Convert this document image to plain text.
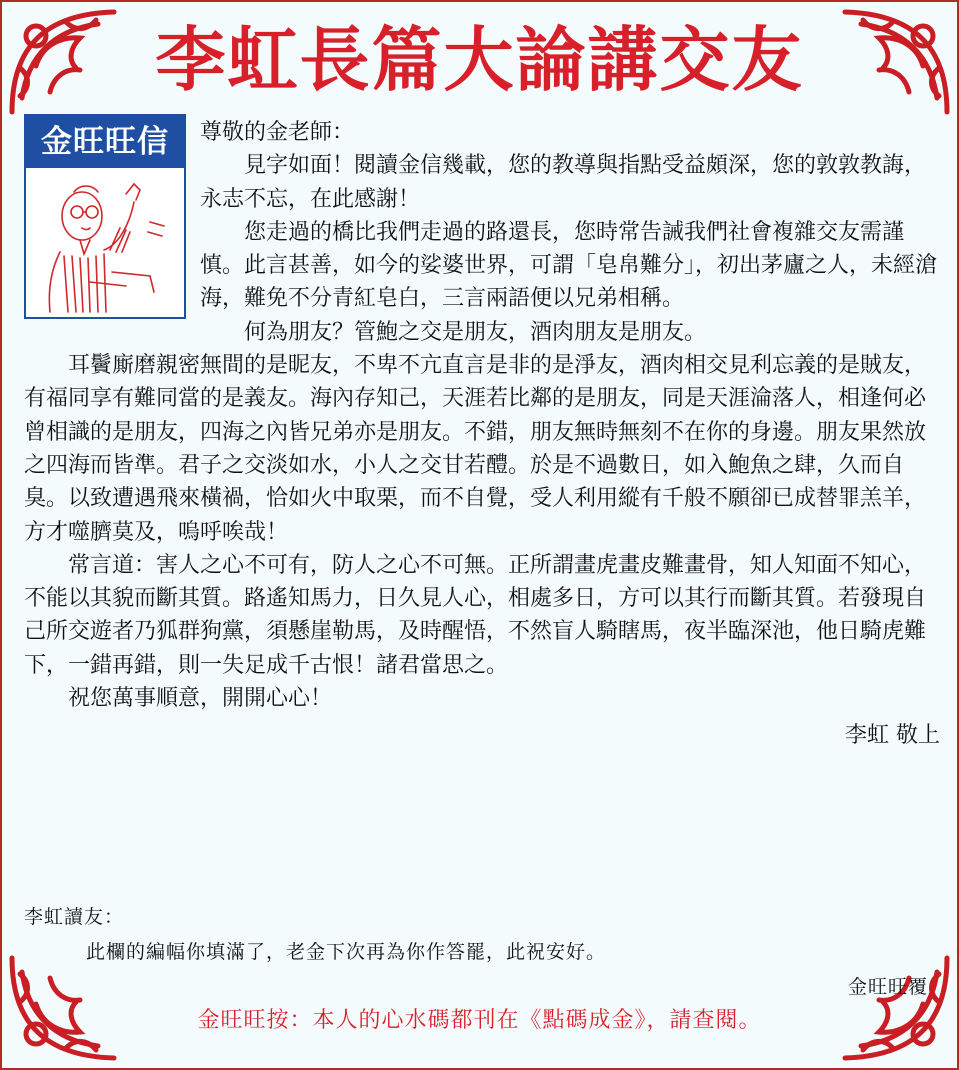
李虹長篇大論講交友

尊敬的金老師：

見字如面！閱讀金信幾載，您的教導與指點受益頗深，您的敦敦教誨，永志不忘，在此感謝！

您走過的橋比我們走過的路還長，您時常告誡我們社會複雜交友需謹慎。此言甚善，如今的娑婆世界，可謂「皂帛難分」，初出茅廬之人，未經滄海，難免不分青紅皂白，三言兩語便以兄弟相稱。

何為朋友？管鮑之交是朋友，酒肉朋友是朋友。

耳鬢廝磨親密無間的是昵友，不卑不亢直言是非的是淨友，酒肉相交見利忘義的是賊友，有福同享有難同當的是義友。海內存知己，天涯若比鄰的是朋友，同是天涯淪落人，相逢何必曾相識的是朋友，四海之內皆兄弟亦是朋友。不錯，朋友無時無刻不在你的身邊。朋友果然放之四海而皆準。君子之交淡如水，小人之交甘若醴。於是不過數日，如入鮑魚之肆，久而自臭。以致遭遇飛來橫禍，恰如火中取栗，而不自覺，受人利用縱有千般不願卻已成替罪羔羊，方才噬臍莫及，嗚呼唉哉！

常言道：害人之心不可有，防人之心不可無。正所謂畫虎畫皮難畫骨，知人知面不知心，不能以其貌而斷其質。路遙知馬力，日久見人心，相處多日，方可以其行而斷其質。若發現自己所交遊者乃狐群狗黨，須懸崖勒馬，及時醒悟，不然盲人騎瞎馬，夜半臨深池，他日騎虎難下，一錯再錯，則一失足成千古恨！諸君當思之。

祝您萬事順意，開開心心！

李虹 敬上

金旺旺信箱

李虹讀友：

此欄的編幅你填滿了，老金下次再為你作答罷，此祝安好。

金旺旺覆

金旺旺按：本人的心水碼都刊在《點碼成金》，請查閱。
